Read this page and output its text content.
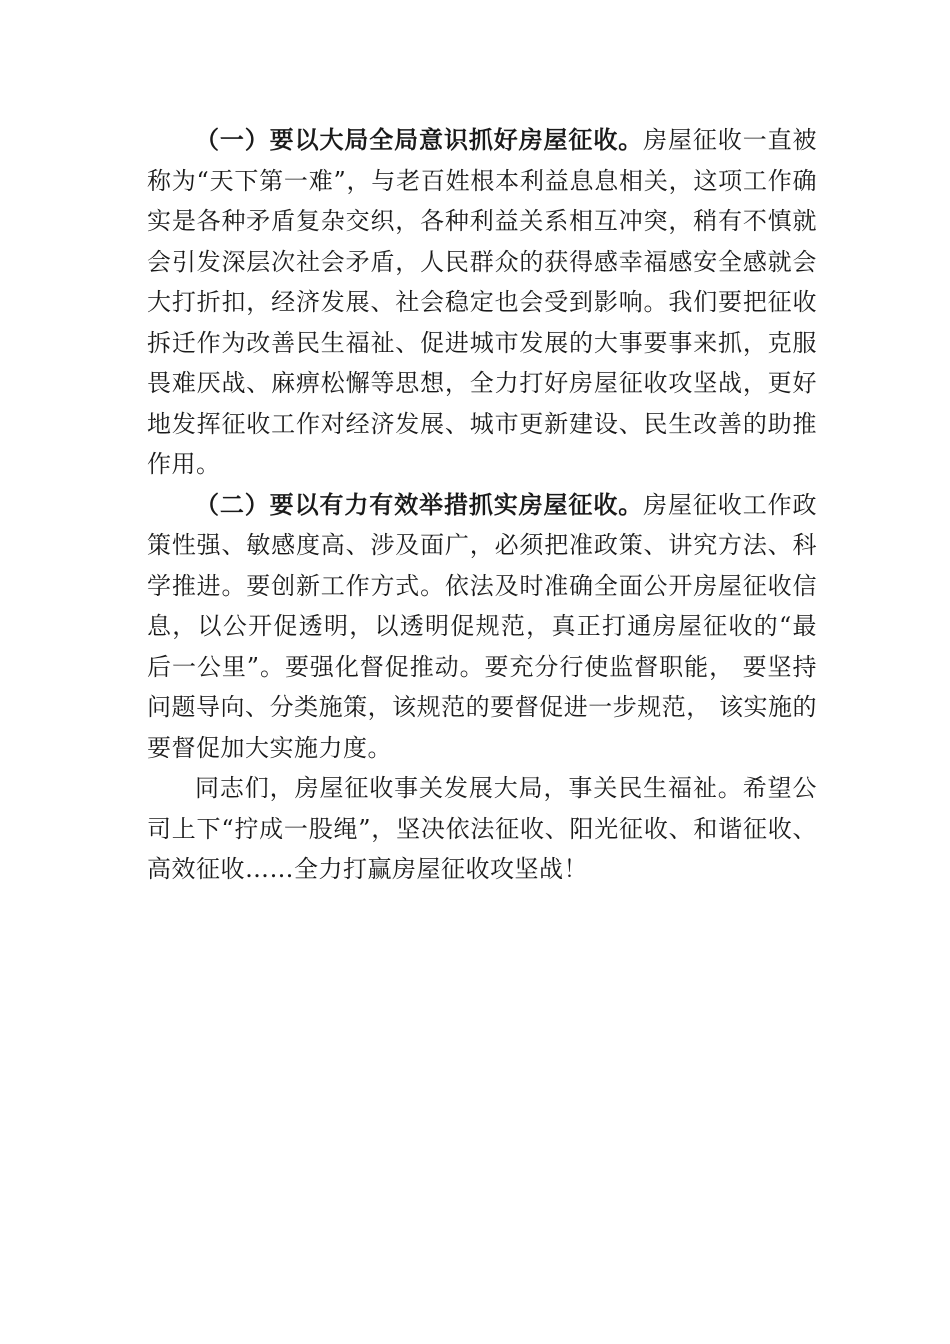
（一）要以大局全局意识抓好房屋征收。房屋征收一直被称为“天下第一难”，与老百姓根本利益息息相关，这项工作确实是各种矛盾复杂交织，各种利益关系相互冲突，稍有不慎就会引发深层次社会矛盾，人民群众的获得感幸福感安全感就会大打折扣，经济发展、社会稳定也会受到影响。我们要把征收拆迁作为改善民生福祉、促进城市发展的大事要事来抓，克服畏难厌战、麻痹松懈等思想，全力打好房屋征收攻坚战，更好地发挥征收工作对经济发展、城市更新建设、民生改善的助推作用。

（二）要以有力有效举措抓实房屋征收。房屋征收工作政策性强、敏感度高、涉及面广，必须把准政策、讲究方法、科学推进。要创新工作方式。依法及时准确全面公开房屋征收信息，以公开促透明，以透明促规范，真正打通房屋征收的“最后一公里”。要强化督促推动。要充分行使监督职能， 要坚持问题导向、分类施策，该规范的要督促进一步规范， 该实施的要督促加大实施力度。

同志们，房屋征收事关发展大局，事关民生福祉。希望公司上下“拧成一股绳”，坚决依法征收、阳光征收、和谐征收、高效征收……全力打赢房屋征收攻坚战！
